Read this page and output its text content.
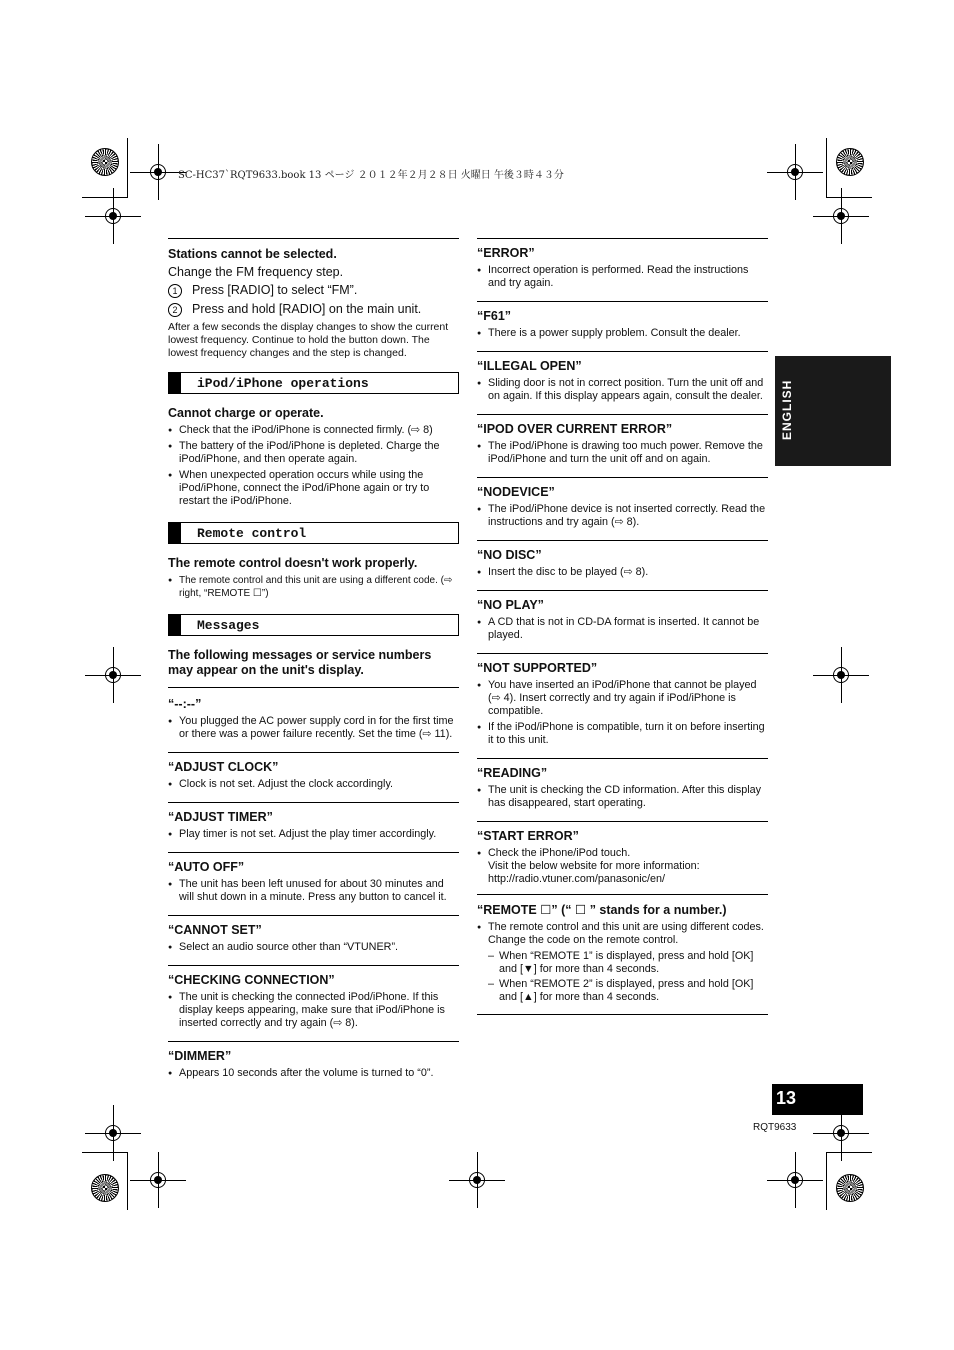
SC-HC37`RQT9633.book 13 ページ ２０１２年２月２８日 火曜日 午後３時４３分
Stations cannot be selected.
Change the FM frequency step.
1	Press [RADIO] to select “FM”.
2	Press and hold [RADIO] on the main unit.
After a few seconds the display changes to show the current lowest frequency. Continue to hold the button down. The lowest frequency changes and the step is changed.
iPod/iPhone operations
Cannot charge or operate.
● Check that the iPod/iPhone is connected firmly. (⇨ 8)
● The battery of the iPod/iPhone is depleted. Charge the iPod/iPhone, and then operate again.
● When unexpected operation occurs while using the iPod/iPhone, connect the iPod/iPhone again or try to restart the iPod/iPhone.
Remote control
The remote control doesn't work properly.
● The remote control and this unit are using a different code. (⇨ right, “REMOTE ☐”)
Messages
The following messages or service numbers may appear on the unit's display.
“--:--”
● You plugged the AC power supply cord in for the first time or there was a power failure recently. Set the time (⇨ 11).
“ADJUST CLOCK”
● Clock is not set. Adjust the clock accordingly.
“ADJUST TIMER”
● Play timer is not set. Adjust the play timer accordingly.
“AUTO OFF”
● The unit has been left unused for about 30 minutes and will shut down in a minute. Press any button to cancel it.
“CANNOT SET”
● Select an audio source other than “VTUNER”.
“CHECKING CONNECTION”
● The unit is checking the connected iPod/iPhone. If this display keeps appearing, make sure that iPod/iPhone is inserted correctly and try again (⇨ 8).
“DIMMER”
● Appears 10 seconds after the volume is turned to “0”.
“ERROR”
● Incorrect operation is performed. Read the instructions and try again.
“F61”
● There is a power supply problem. Consult the dealer.
“ILLEGAL OPEN”
● Sliding door is not in correct position. Turn the unit off and on again. If this display appears again, consult the dealer.
“IPOD OVER CURRENT ERROR”
● The iPod/iPhone is drawing too much power. Remove the iPod/iPhone and turn the unit off and on again.
“NODEVICE”
● The iPod/iPhone device is not inserted correctly. Read the instructions and try again (⇨ 8).
“NO DISC”
● Insert the disc to be played (⇨ 8).
“NO PLAY”
● A CD that is not in CD-DA format is inserted. It cannot be played.
“NOT SUPPORTED”
● You have inserted an iPod/iPhone that cannot be played (⇨ 4). Insert correctly and try again if iPod/iPhone is compatible.
● If the iPod/iPhone is compatible, turn it on before inserting it to this unit.
“READING”
● The unit is checking the CD information. After this display has disappeared, start operating.
“START ERROR”
● Check the iPhone/iPod touch.
Visit the below website for more information:
http://radio.vtuner.com/panasonic/en/
“REMOTE ☐” (“ ☐ ” stands for a number.)
● The remote control and this unit are using different codes. Change the code on the remote control.
– When “REMOTE 1” is displayed, press and hold [OK] and [▼] for more than 4 seconds.
– When “REMOTE 2” is displayed, press and hold [OK] and [▲] for more than 4 seconds.
ENGLISH
13
RQT9633
